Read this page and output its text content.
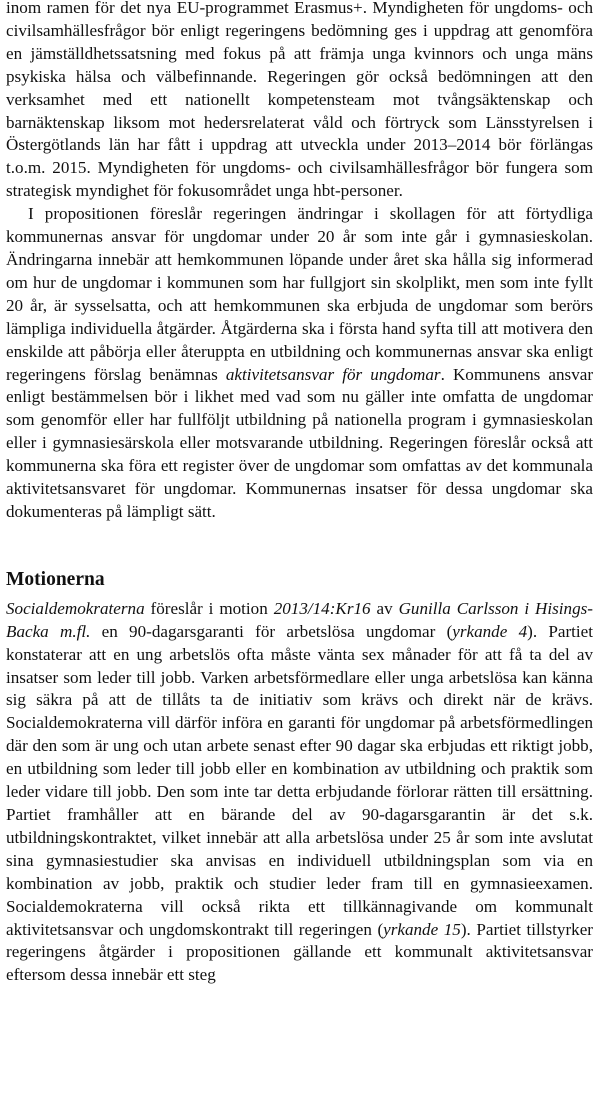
inom ramen för det nya EU-programmet Erasmus+. Myndigheten för ungdoms- och civilsamhällesfrågor bör enligt regeringens bedömning ges i uppdrag att genomföra en jämställdhetssatsning med fokus på att främja unga kvinnors och unga mäns psykiska hälsa och välbefinnande. Regeringen gör också bedömningen att den verksamhet med ett nationellt kompetensteam mot tvångsäktenskap och barnäktenskap liksom mot hedersrelaterat våld och förtryck som Länsstyrelsen i Östergötlands län har fått i uppdrag att utveckla under 2013–2014 bör förlängas t.o.m. 2015. Myndigheten för ungdoms- och civilsamhällesfrågor bör fungera som strategisk myndighet för fokusområdet unga hbt-personer.

I propositionen föreslår regeringen ändringar i skollagen för att förtydliga kommunernas ansvar för ungdomar under 20 år som inte går i gymnasieskolan. Ändringarna innebär att hemkommunen löpande under året ska hålla sig informerad om hur de ungdomar i kommunen som har fullgjort sin skolplikt, men som inte fyllt 20 år, är sysselsatta, och att hemkommunen ska erbjuda de ungdomar som berörs lämpliga individuella åtgärder. Åtgärderna ska i första hand syfta till att motivera den enskilde att påbörja eller återuppta en utbildning och kommunernas ansvar ska enligt regeringens förslag benämnas aktivitetsansvar för ungdomar. Kommunens ansvar enligt bestämmelsen bör i likhet med vad som nu gäller inte omfatta de ungdomar som genomför eller har fullföljt utbildning på nationella program i gymnasieskolan eller i gymnasiesärskola eller motsvarande utbildning. Regeringen föreslår också att kommunerna ska föra ett register över de ungdomar som omfattas av det kommunala aktivitetsansvaret för ungdomar. Kommunernas insatser för dessa ungdomar ska dokumenteras på lämpligt sätt.

Motionerna

Socialdemokraterna föreslår i motion 2013/14:Kr16 av Gunilla Carlsson i Hisings-Backa m.fl. en 90-dagarsgaranti för arbetslösa ungdomar (yrkande 4). Partiet konstaterar att en ung arbetslös ofta måste vänta sex månader för att få ta del av insatser som leder till jobb. Varken arbetsförmedlare eller unga arbetslösa kan känna sig säkra på att de tillåts ta de initiativ som krävs och direkt när de krävs. Socialdemokraterna vill därför införa en garanti för ungdomar på arbetsförmedlingen där den som är ung och utan arbete senast efter 90 dagar ska erbjudas ett riktigt jobb, en utbildning som leder till jobb eller en kombination av utbildning och praktik som leder vidare till jobb. Den som inte tar detta erbjudande förlorar rätten till ersättning. Partiet framhåller att en bärande del av 90-dagarsgarantin är det s.k. utbildningskontraktet, vilket innebär att alla arbetslösa under 25 år som inte avslutat sina gymnasiestudier ska anvisas en individuell utbildningsplan som via en kombination av jobb, praktik och studier leder fram till en gymnasieexamen. Socialdemokraterna vill också rikta ett tillkännagivande om kommunalt aktivitetsansvar och ungdomskontrakt till regeringen (yrkande 15). Partiet tillstyrker regeringens åtgärder i propositionen gällande ett kommunalt aktivitetsansvar eftersom dessa innebär ett steg
